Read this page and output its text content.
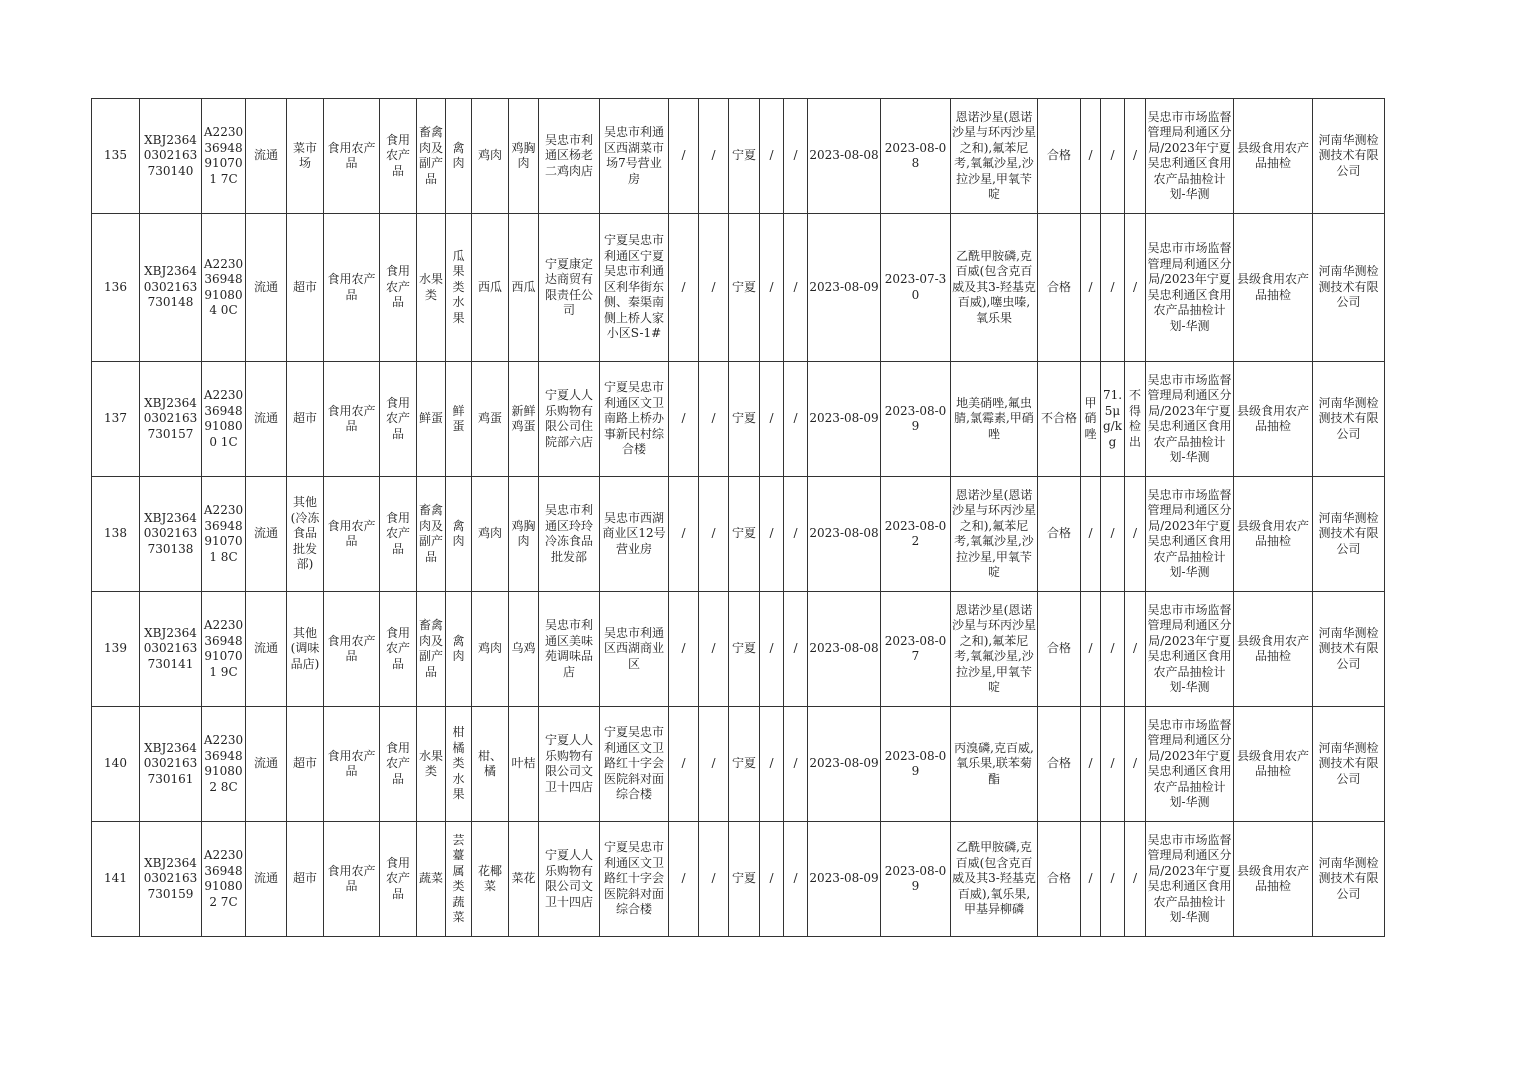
135	XBJ23640302163730140	A223036948910701 7C	流通	菜市场	食用农产品	食用农产品	畜禽肉及副产品	禽肉	鸡肉	鸡胸肉	吴忠市利通区杨老二鸡肉店	吴忠市利通区西湖菜市场7号营业房	/	/	宁夏	/	/	2023-08-08	2023-08-08	恩诺沙星(恩诺沙星与环丙沙星之和),氟苯尼考,氧氟沙星,沙拉沙星,甲氧苄啶	合格	/	/	/	吴忠市市场监督管理局利通区分局/2023年宁夏吴忠利通区食用农产品抽检计划-华测	县级食用农产品抽检	河南华测检测技术有限公司
136	XBJ23640302163730148	A223036948910804 0C	流通	超市	食用农产品	食用农产品	水果类	瓜果类水果	西瓜	西瓜	宁夏康定达商贸有限责任公司	宁夏吴忠市利通区宁夏吴忠市利通区利华街东侧、秦渠南侧上桥人家小区S-1#	/	/	宁夏	/	/	2023-08-09	2023-07-30	乙酰甲胺磷,克百威(包含克百威及其3-羟基克百威),噻虫嗪,氧乐果	合格	/	/	/	吴忠市市场监督管理局利通区分局/2023年宁夏吴忠利通区食用农产品抽检计划-华测	县级食用农产品抽检	河南华测检测技术有限公司
137	XBJ23640302163730157	A223036948910800 1C	流通	超市	食用农产品	食用农产品	鲜蛋	鲜蛋	鸡蛋	新鲜鸡蛋	宁夏人人乐购物有限公司住院部六店	宁夏吴忠市利通区文卫南路上桥办事新民村综合楼	/	/	宁夏	/	/	2023-08-09	2023-08-09	地美硝唑,氟虫腈,氯霉素,甲硝唑	不合格	甲硝唑	71.5μg/kg	不得检出	吴忠市市场监督管理局利通区分局/2023年宁夏吴忠利通区食用农产品抽检计划-华测	县级食用农产品抽检	河南华测检测技术有限公司
138	XBJ23640302163730138	A223036948910701 8C	流通	其他(冷冻食品批发部)	食用农产品	食用农产品	畜禽肉及副产品	禽肉	鸡肉	鸡胸肉	吴忠市利通区玲玲冷冻食品批发部	吴忠市西湖商业区12号营业房	/	/	宁夏	/	/	2023-08-08	2023-08-02	恩诺沙星(恩诺沙星与环丙沙星之和),氟苯尼考,氧氟沙星,沙拉沙星,甲氧苄啶	合格	/	/	/	吴忠市市场监督管理局利通区分局/2023年宁夏吴忠利通区食用农产品抽检计划-华测	县级食用农产品抽检	河南华测检测技术有限公司
139	XBJ23640302163730141	A223036948910701 9C	流通	其他(调味品店)	食用农产品	食用农产品	畜禽肉及副产品	禽肉	鸡肉	乌鸡	吴忠市利通区美味苑调味品店	吴忠市利通区西湖商业区	/	/	宁夏	/	/	2023-08-08	2023-08-07	恩诺沙星(恩诺沙星与环丙沙星之和),氟苯尼考,氧氟沙星,沙拉沙星,甲氧苄啶	合格	/	/	/	吴忠市市场监督管理局利通区分局/2023年宁夏吴忠利通区食用农产品抽检计划-华测	县级食用农产品抽检	河南华测检测技术有限公司
140	XBJ23640302163730161	A223036948910802 8C	流通	超市	食用农产品	食用农产品	水果类	柑橘类水果	柑、橘	叶桔	宁夏人人乐购物有限公司文卫十四店	宁夏吴忠市利通区文卫路红十字会医院斜对面综合楼	/	/	宁夏	/	/	2023-08-09	2023-08-09	丙溴磷,克百威,氧乐果,联苯菊酯	合格	/	/	/	吴忠市市场监督管理局利通区分局/2023年宁夏吴忠利通区食用农产品抽检计划-华测	县级食用农产品抽检	河南华测检测技术有限公司
141	XBJ23640302163730159	A223036948910802 7C	流通	超市	食用农产品	食用农产品	蔬菜	芸薹属类蔬菜	花椰菜	菜花	宁夏人人乐购物有限公司文卫十四店	宁夏吴忠市利通区文卫路红十字会医院斜对面综合楼	/	/	宁夏	/	/	2023-08-09	2023-08-09	乙酰甲胺磷,克百威(包含克百威及其3-羟基克百威),氧乐果,甲基异柳磷	合格	/	/	/	吴忠市市场监督管理局利通区分局/2023年宁夏吴忠利通区食用农产品抽检计划-华测	县级食用农产品抽检	河南华测检测技术有限公司
